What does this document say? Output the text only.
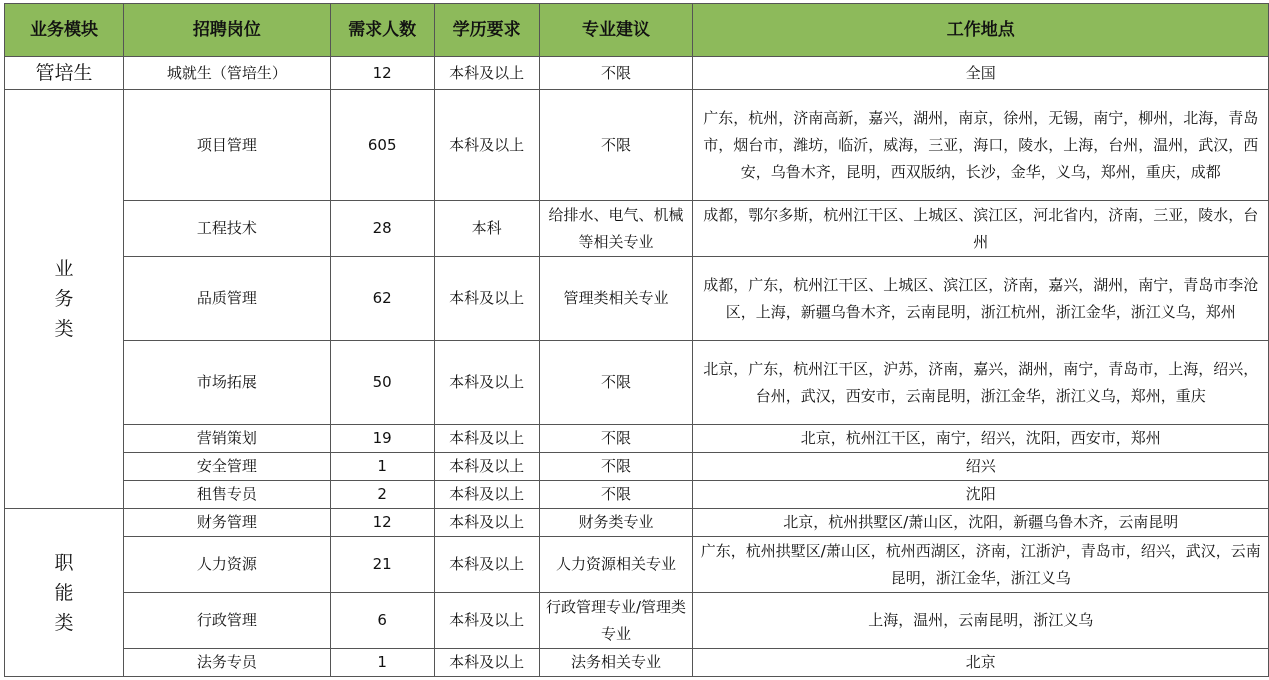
业务模块	招聘岗位	需求人数	学历要求	专业建议	工作地点
管培生	城就生（管培生）	12	本科及以上	不限	全国

业
务
类	项目管理	605	本科及以上	不限	广东，杭州，济南高新，嘉兴，湖州，南京，徐州，无锡，南宁，柳州，北海，青岛市，烟台市，潍坊，临沂，威海，三亚，海口，陵水，上海，台州，温州，武汉，西安，乌鲁木齐，昆明，西双版纳，长沙，金华，义乌，郑州，重庆，成都
	工程技术	28	本科	给排水、电气、机械等相关专业	成都，鄂尔多斯，杭州江干区、上城区、滨江区，河北省内，济南，三亚，陵水，台州
	品质管理	62	本科及以上	管理类相关专业	成都，广东，杭州江干区、上城区、滨江区，济南，嘉兴，湖州，南宁，青岛市李沧区，上海，新疆乌鲁木齐，云南昆明，浙江杭州，浙江金华，浙江义乌，郑州
	市场拓展	50	本科及以上	不限	北京，广东，杭州江干区，沪苏，济南，嘉兴，湖州，南宁，青岛市，上海，绍兴，台州，武汉，西安市，云南昆明，浙江金华，浙江义乌，郑州，重庆
	营销策划	19	本科及以上	不限	北京，杭州江干区，南宁，绍兴，沈阳，西安市，郑州
	安全管理	1	本科及以上	不限	绍兴
	租售专员	2	本科及以上	不限	沈阳

职
能
类	财务管理	12	本科及以上	财务类专业	北京，杭州拱墅区/萧山区，沈阳，新疆乌鲁木齐，云南昆明
	人力资源	21	本科及以上	人力资源相关专业	广东，杭州拱墅区/萧山区，杭州西湖区，济南，江浙沪，青岛市，绍兴，武汉，云南昆明，浙江金华，浙江义乌
	行政管理	6	本科及以上	行政管理专业/管理类专业	上海，温州，云南昆明，浙江义乌
	法务专员	1	本科及以上	法务相关专业	北京
